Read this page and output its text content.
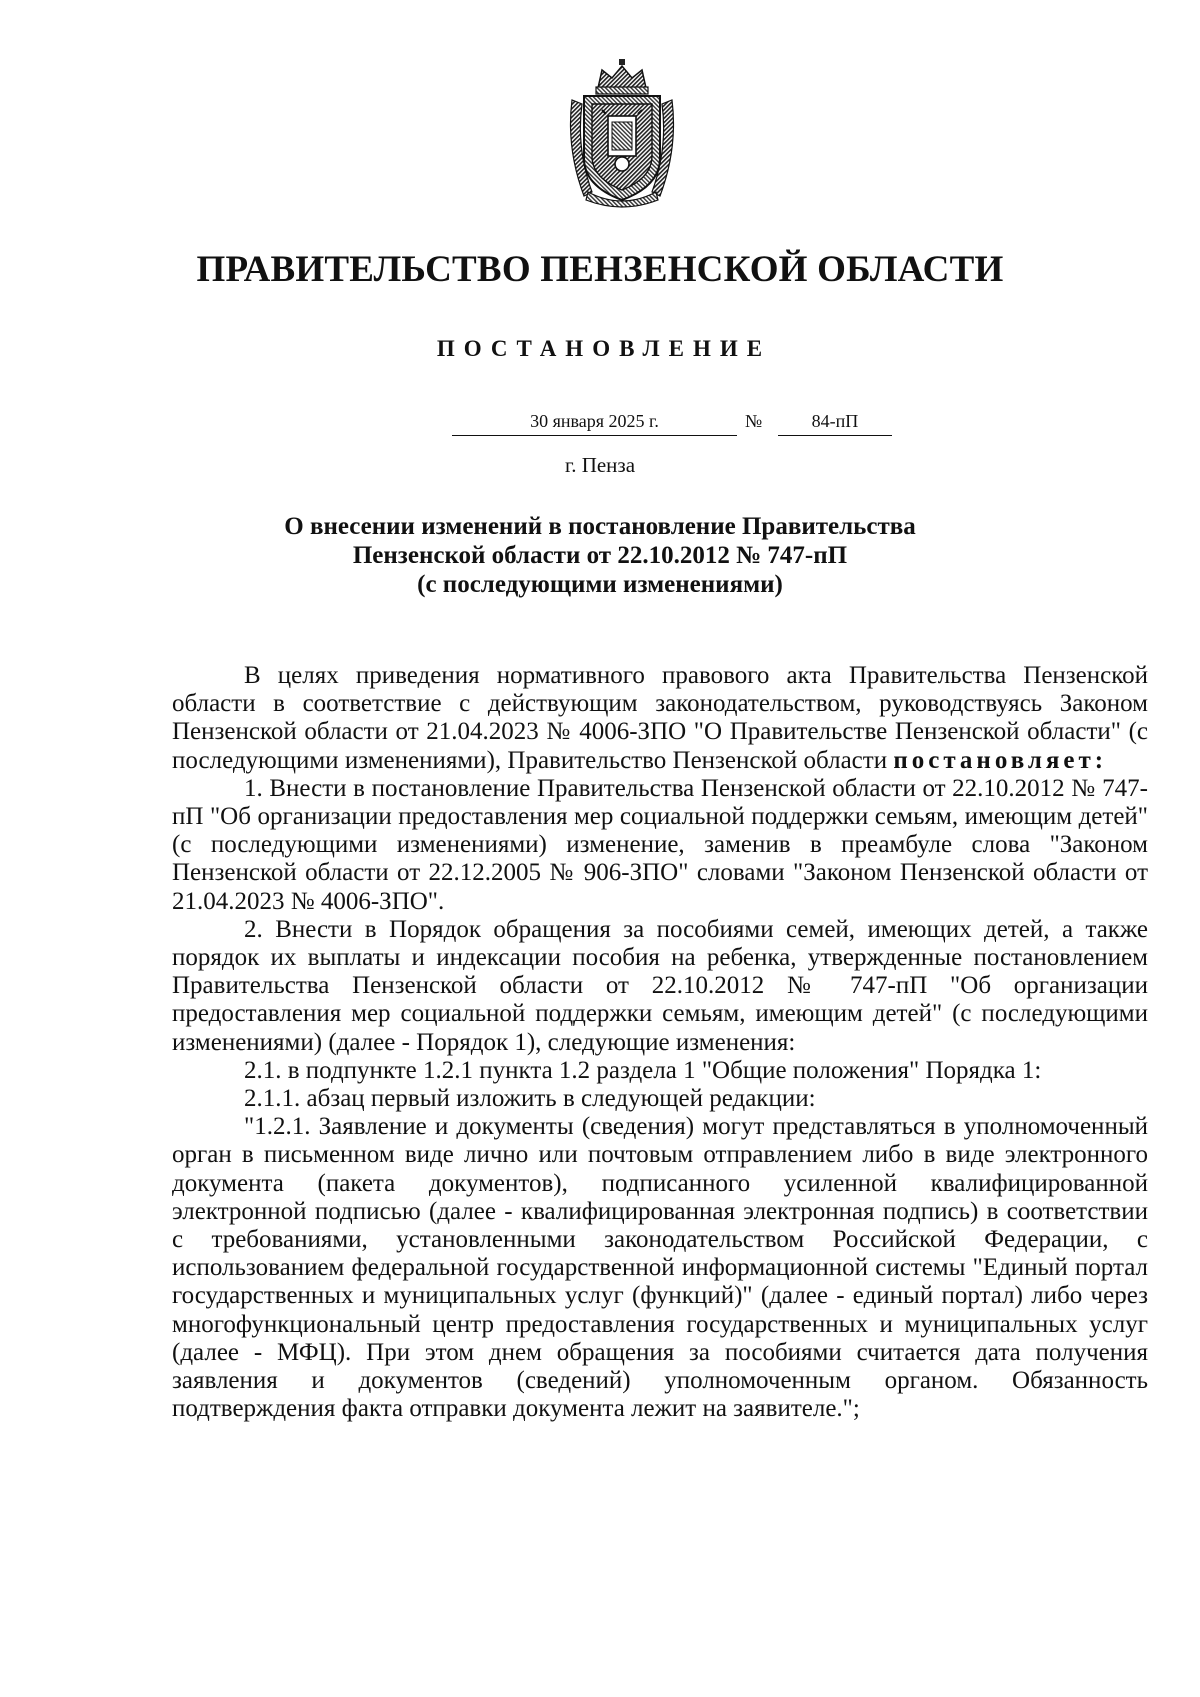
ПРАВИТЕЛЬСТВО ПЕНЗЕНСКОЙ ОБЛАСТИ
ПОСТАНОВЛЕНИЕ
30 января 2025 г.	№	84-пП
г. Пенза
О внесении изменений в постановление Правительства
Пензенской области от 22.10.2012 № 747-пП
(с последующими изменениями)

В целях приведения нормативного правового акта Правительства Пензенской области в соответствие с действующим законодательством, руководствуясь Законом Пензенской области от 21.04.2023 № 4006-ЗПО "О Правительстве Пензенской области" (с последующими изменениями), Правительство Пензенской области постановляет:

1. Внести в постановление Правительства Пензенской области от 22.10.2012 № 747-пП "Об организации предоставления мер социальной поддержки семьям, имеющим детей" (с последующими изменениями) изменение, заменив в преамбуле слова "Законом Пензенской области от 22.12.2005 № 906-ЗПО" словами "Законом Пензенской области от 21.04.2023 № 4006-ЗПО".

2. Внести в Порядок обращения за пособиями семей, имеющих детей, а также порядок их выплаты и индексации пособия на ребенка, утвержденные постановлением Правительства Пензенской области от 22.10.2012 № 747-пП "Об организации предоставления мер социальной поддержки семьям, имеющим детей" (с последующими изменениями) (далее - Порядок 1), следующие изменения:

2.1. в подпункте 1.2.1 пункта 1.2 раздела 1 "Общие положения" Порядка 1:

2.1.1. абзац первый изложить в следующей редакции:

"1.2.1. Заявление и документы (сведения) могут представляться в уполномоченный орган в письменном виде лично или почтовым отправлением либо в виде электронного документа (пакета документов), подписанного усиленной квалифицированной электронной подписью (далее - квалифицированная электронная подпись) в соответствии с требованиями, установленными законодательством Российской Федерации, с использованием федеральной государственной информационной системы "Единый портал государственных и муниципальных услуг (функций)" (далее - единый портал) либо через многофункциональный центр предоставления государственных и муниципальных услуг (далее - МФЦ). При этом днем обращения за пособиями считается дата получения заявления и документов (сведений) уполномоченным органом. Обязанность подтверждения факта отправки документа лежит на заявителе.";
